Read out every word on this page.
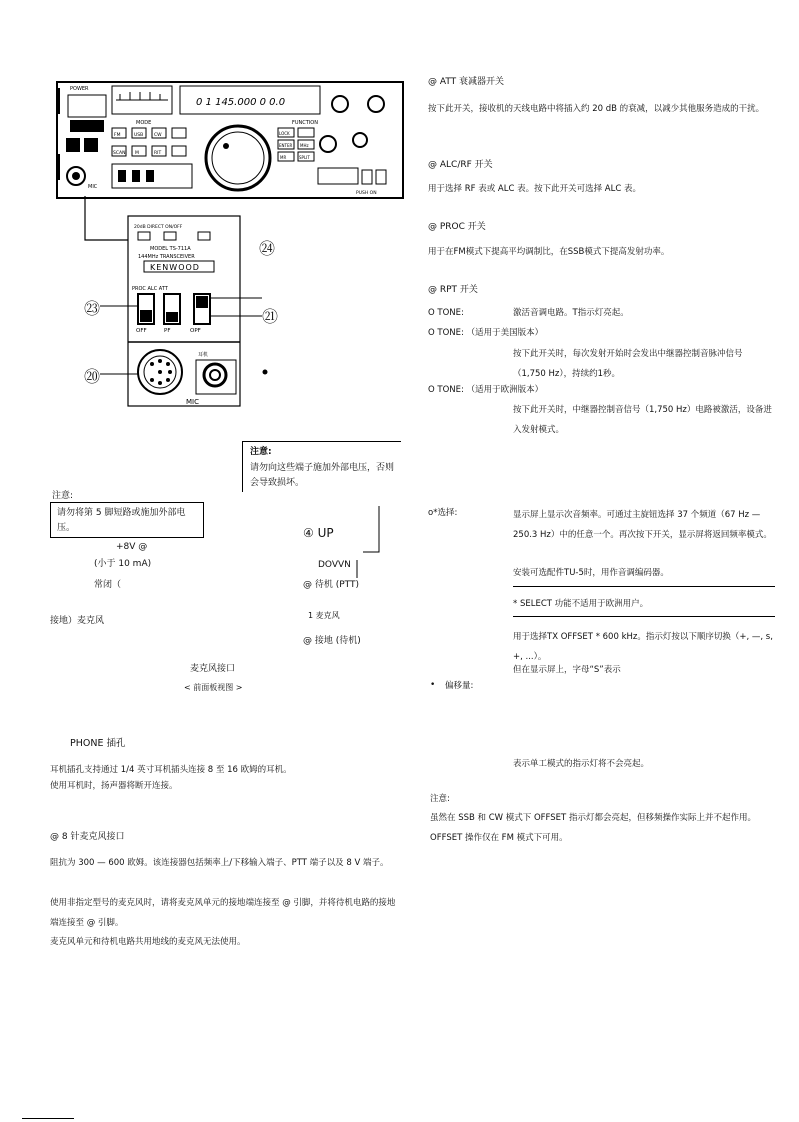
POWER
MIC
0 1 145.000 0 0.0
MODE
FM	USB CW
SCAN M	RIT
FUNCTION
LOCK
ENTER MHz
SPLIT
MR
PUSH ON
20dB DIRECT ON/OFF
MODEL TS-711A
144MHz TRANSCEIVER
KENWOOD
PROC ALC ATT
OFF	PF	OPF
耳机
MIC
㉔
㉓	㉑
⑳
注意:
请勿向这些端子施加外部电压，否则会导致损坏。
注意:
请勿将第 5 脚短路或施加外部电压。
+8V @
(小于 10 mA)
常闭（
接地）麦克风
④ UP
DOVVN
@ 待机 (PTT)
1 麦克风
@ 接地 (待机)
麦克风接口
< 前面板视图 >
PHONE 插孔
耳机插孔支持通过 1/4 英寸耳机插头连接 8 至 16 欧姆的耳机。
使用耳机时，扬声器将断开连接。
@ 8 针麦克风接口
阻抗为 300 — 600 欧姆。该连接器包括频率上/下移输入端子、PTT 端子以及 8 V 端子。
使用非指定型号的麦克风时，请将麦克风单元的接地端连接至 @ 引脚，并将待机电路的接地端连接至 @ 引脚。
麦克风单元和待机电路共用地线的麦克风无法使用。
@ ATT 衰减器开关
按下此开关，接收机的天线电路中将插入约 20 dB 的衰减，以减少其他服务造成的干扰。
@ ALC/RF 开关
用于选择 RF 表或 ALC 表。按下此开关可选择 ALC 表。
@ PROC 开关
用于在FM模式下提高平均调制比，在SSB模式下提高发射功率。
@ RPT 开关
O TONE:	激活音调电路。T指示灯亮起。
O TONE: （适用于美国版本）
按下此开关时，每次发射开始时会发出中继器控制音脉冲信号（1,750 Hz），持续约1秒。
O TONE: （适用于欧洲版本）
按下此开关时，中继器控制音信号（1,750 Hz）电路被激活，设备进入发射模式。
o*选择:	显示屏上显示次音频率。可通过主旋钮选择 37 个频道（67 Hz — 250.3 Hz）中的任意一个。再次按下开关，显示屏将返回频率模式。
安装可选配件TU-5时，用作音调编码器。
* SELECT 功能不适用于欧洲用户。
用于选择TX OFFSET * 600 kHz。指示灯按以下顺序切换（+, —, s, +, ...）。
但在显示屏上，字母“S”表示
• 偏移量:
表示单工模式的指示灯将不会亮起。
注意:
虽然在 SSB 和 CW 模式下 OFFSET 指示灯都会亮起，但移频操作实际上并不起作用。OFFSET 操作仅在 FM 模式下可用。
